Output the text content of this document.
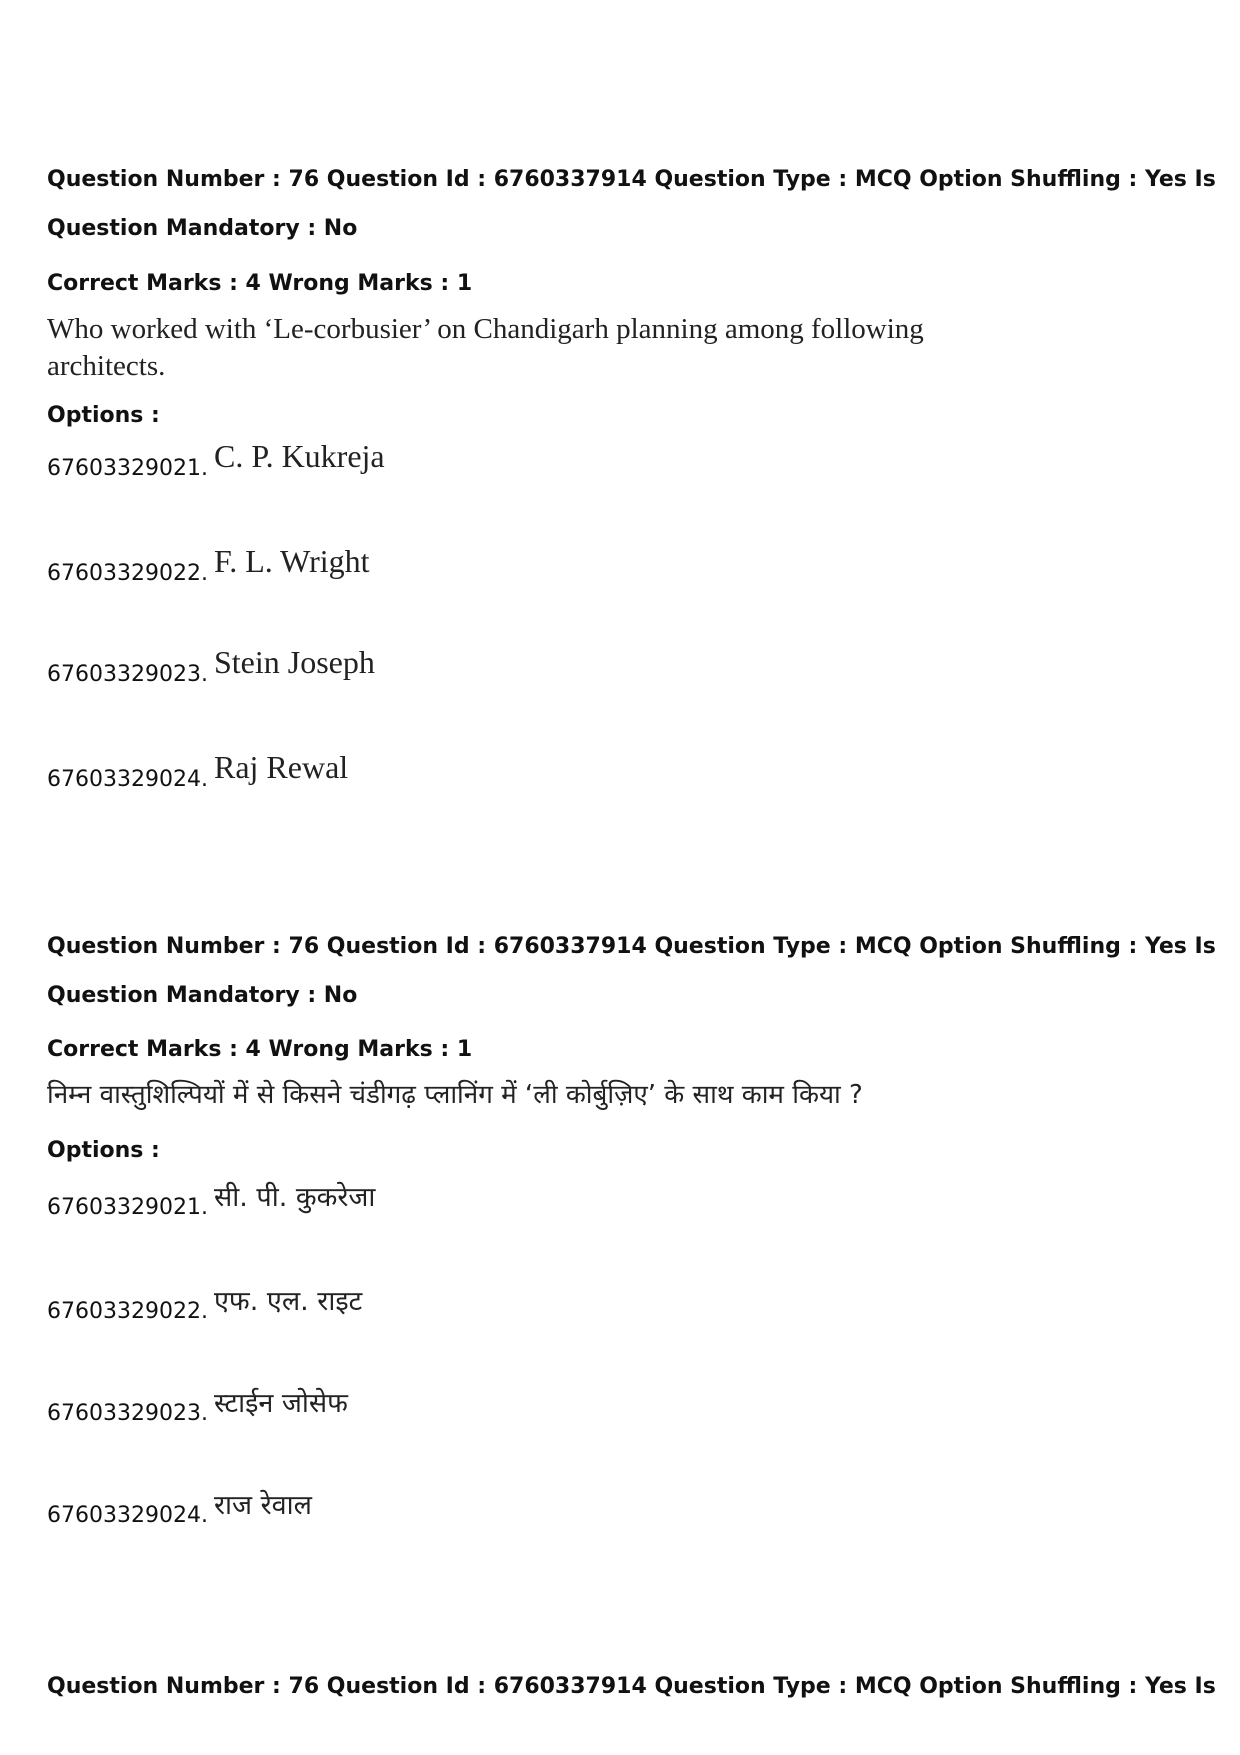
Question Number : 76 Question Id : 6760337914 Question Type : MCQ Option Shuffling : Yes Is
Question Mandatory : No
Correct Marks : 4 Wrong Marks : 1
Who worked with ‘Le-corbusier’ on Chandigarh planning among following architects.
Options :
67603329021. C. P. Kukreja
67603329022. F. L. Wright
67603329023. Stein Joseph
67603329024. Raj Rewal
Question Number : 76 Question Id : 6760337914 Question Type : MCQ Option Shuffling : Yes Is
Question Mandatory : No
Correct Marks : 4 Wrong Marks : 1
निम्न वास्तुशिल्पियों में से किसने चंडीगढ़ प्लानिंग में ‘ली कोर्बुज़िए’ के साथ काम किया ?
Options :
67603329021. सी. पी. कुकरेजा
67603329022. एफ. एल. राइट
67603329023. स्टाईन जोसेफ
67603329024. राज रेवाल
Question Number : 76 Question Id : 6760337914 Question Type : MCQ Option Shuffling : Yes Is
